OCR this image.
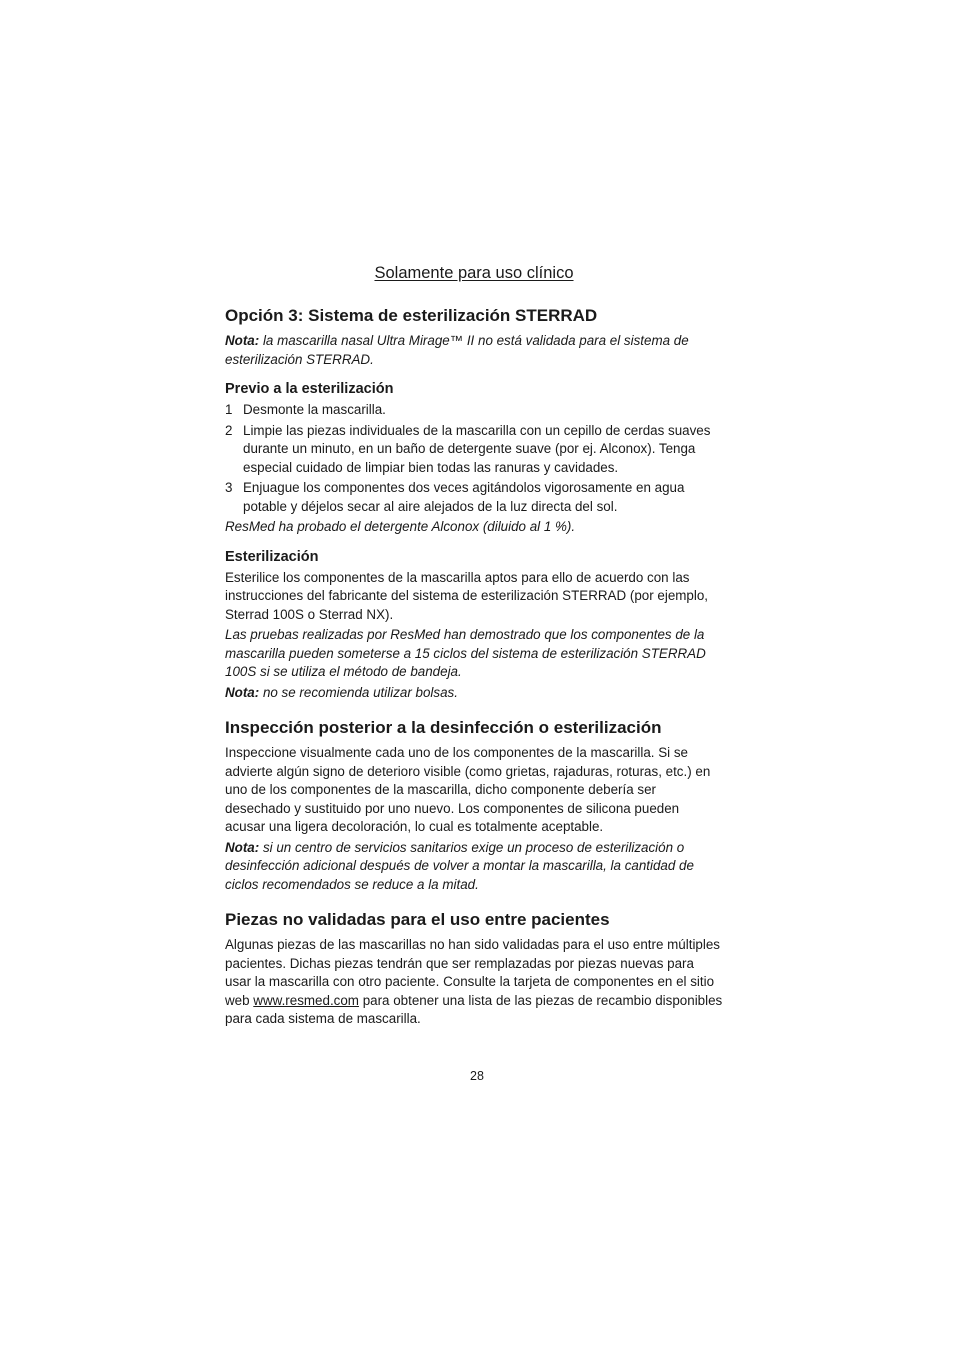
Solamente para uso clínico
Opción 3: Sistema de esterilización STERRAD

Nota: la mascarilla nasal Ultra Mirage™ II no está validada para el sistema de esterilización STERRAD.

Previo a la esterilización
1 Desmonte la mascarilla.
2 Limpie las piezas individuales de la mascarilla con un cepillo de cerdas suaves durante un minuto, en un baño de detergente suave (por ej. Alconox). Tenga especial cuidado de limpiar bien todas las ranuras y cavidades.
3 Enjuague los componentes dos veces agitándolos vigorosamente en agua potable y déjelos secar al aire alejados de la luz directa del sol.

ResMed ha probado el detergente Alconox (diluido al 1 %).

Esterilización

Esterilice los componentes de la mascarilla aptos para ello de acuerdo con las instrucciones del fabricante del sistema de esterilización STERRAD (por ejemplo, Sterrad 100S o Sterrad NX).

Las pruebas realizadas por ResMed han demostrado que los componentes de la mascarilla pueden someterse a 15 ciclos del sistema de esterilización STERRAD 100S si se utiliza el método de bandeja.

Nota: no se recomienda utilizar bolsas.

Inspección posterior a la desinfección o esterilización

Inspeccione visualmente cada uno de los componentes de la mascarilla. Si se advierte algún signo de deterioro visible (como grietas, rajaduras, roturas, etc.) en uno de los componentes de la mascarilla, dicho componente debería ser desechado y sustituido por uno nuevo. Los componentes de silicona pueden acusar una ligera decoloración, lo cual es totalmente aceptable.

Nota: si un centro de servicios sanitarios exige un proceso de esterilización o desinfección adicional después de volver a montar la mascarilla, la cantidad de ciclos recomendados se reduce a la mitad.

Piezas no validadas para el uso entre pacientes

Algunas piezas de las mascarillas no han sido validadas para el uso entre múltiples pacientes. Dichas piezas tendrán que ser remplazadas por piezas nuevas para usar la mascarilla con otro paciente. Consulte la tarjeta de componentes en el sitio web www.resmed.com para obtener una lista de las piezas de recambio disponibles para cada sistema de mascarilla.

28
